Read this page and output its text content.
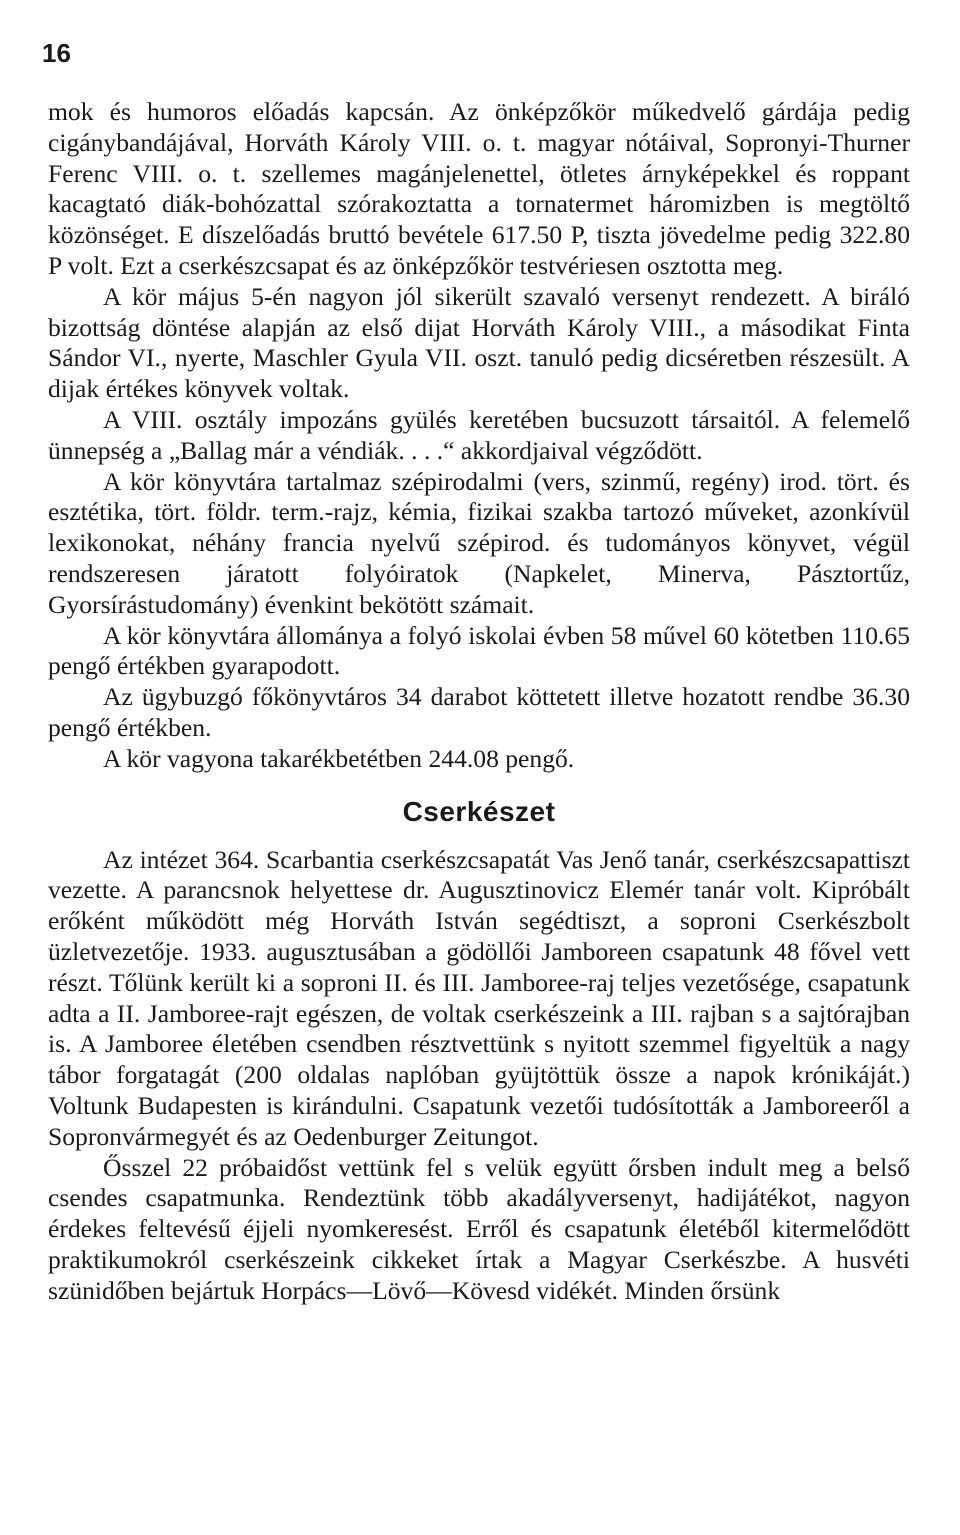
16

mok és humoros előadás kapcsán. Az önképzőkör műkedvelő gárdája pedig cigánybandájával, Horváth Károly VIII. o. t. magyar nótáival, Sopronyi-Thurner Ferenc VIII. o. t. szellemes magánjelenettel, ötletes árnyképekkel és roppant kacagtató diák-bohózattal szórakoztatta a tornatermet háromizben is megtöltő közönséget. E díszelőadás bruttó bevétele 617.50 P, tiszta jövedelme pedig 322.80 P volt. Ezt a cserkészcsapat és az önképzőkör testvériesen osztotta meg.

A kör május 5-én nagyon jól sikerült szavaló versenyt rendezett. A biráló bizottság döntése alapján az első dijat Horváth Károly VIII., a másodikat Finta Sándor VI., nyerte, Maschler Gyula VII. oszt. tanuló pedig dicséretben részesült. A dijak értékes könyvek voltak.

A VIII. osztály impozáns gyülés keretében bucsuzott társaitól. A felemelő ünnepség a „Ballag már a véndiák. . . .“ akkordjaival végződött.

A kör könyvtára tartalmaz szépirodalmi (vers, szinmű, regény) irod. tört. és esztétika, tört. földr. term.-rajz, kémia, fizikai szakba tartozó műveket, azonkívül lexikonokat, néhány francia nyelvű szépirod. és tudományos könyvet, végül rendszeresen járatott folyóiratok (Napkelet, Minerva, Pásztortűz, Gyorsírástudomány) évenkint bekötött számait.

A kör könyvtára állománya a folyó iskolai évben 58 művel 60 kötetben 110.65 pengő értékben gyarapodott.

Az ügybuzgó főkönyvtáros 34 darabot köttetett illetve hozatott rendbe 36.30 pengő értékben.

A kör vagyona takarékbetétben 244.08 pengő.

Cserkészet

Az intézet 364. Scarbantia cserkészcsapatát Vas Jenő tanár, cserkészcsapattiszt vezette. A parancsnok helyettese dr. Augusztinovicz Elemér tanár volt. Kipróbált erőként működött még Horváth István segédtiszt, a soproni Cserkészbolt üzletvezetője. 1933. augusztusában a gödöllői Jamboreen csapatunk 48 fővel vett részt. Tőlünk került ki a soproni II. és III. Jamboree-raj teljes vezetősége, csapatunk adta a II. Jamboree-rajt egészen, de voltak cserkészeink a III. rajban s a sajtórajban is. A Jamboree életében csendben résztvettünk s nyitott szemmel figyeltük a nagy tábor forgatagát (200 oldalas naplóban gyüjtöttük össze a napok krónikáját.) Voltunk Budapesten is kirándulni. Csapatunk vezetői tudósították a Jamboreeről a Sopronvármegyét és az Oedenburger Zeitungot.

Ősszel 22 próbaidőst vettünk fel s velük együtt őrsben indult meg a belső csendes csapatmunka. Rendeztünk több akadályversenyt, hadijátékot, nagyon érdekes feltevésű éjjeli nyomkeresést. Erről és csapatunk életéből kitermelődött praktikumokról cserkészeink cikkeket írtak a Magyar Cserkészbe. A husvéti szünidőben bejártuk Horpács—Lövő—Kövesd vidékét. Minden őrsünk
